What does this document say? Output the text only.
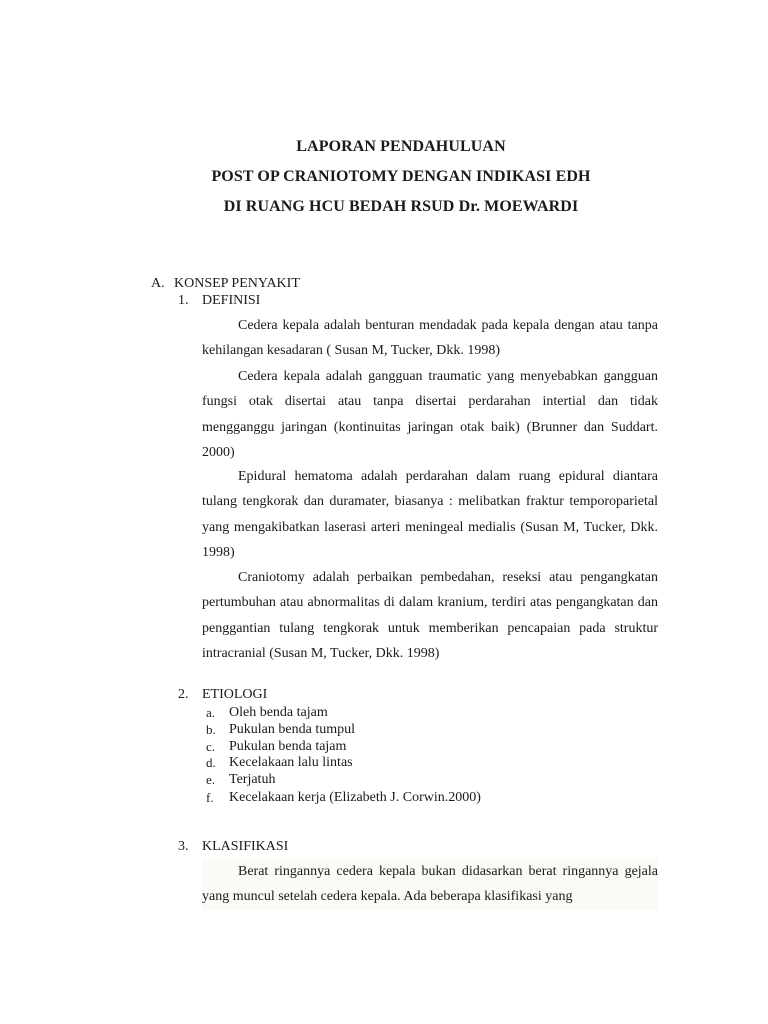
LAPORAN PENDAHULUAN
POST OP CRANIOTOMY DENGAN INDIKASI EDH
DI RUANG HCU BEDAH RSUD Dr. MOEWARDI
A. KONSEP PENYAKIT
1. DEFINISI

Cedera kepala adalah benturan mendadak pada kepala dengan atau tanpa kehilangan kesadaran ( Susan M, Tucker, Dkk. 1998)

Cedera kepala adalah gangguan traumatic yang menyebabkan gangguan fungsi otak disertai atau tanpa disertai perdarahan intertial dan tidak mengganggu jaringan (kontinuitas jaringan otak baik) (Brunner dan Suddart. 2000)

Epidural hematoma adalah perdarahan dalam ruang epidural diantara tulang tengkorak dan duramater, biasanya : melibatkan fraktur temporoparietal yang mengakibatkan laserasi arteri meningeal medialis (Susan M, Tucker, Dkk. 1998)

Craniotomy adalah perbaikan pembedahan, reseksi atau pengangkatan pertumbuhan atau abnormalitas di dalam kranium, terdiri atas pengangkatan dan penggantian tulang tengkorak untuk memberikan pencapaian pada struktur intracranial (Susan M, Tucker, Dkk. 1998)

2. ETIOLOGI
a. Oleh benda tajam
b. Pukulan benda tumpul
c. Pukulan benda tajam
d. Kecelakaan lalu lintas
e. Terjatuh
f. Kecelakaan kerja (Elizabeth J. Corwin.2000)
3. KLASIFIKASI

Berat ringannya cedera kepala bukan didasarkan berat ringannya gejala yang muncul setelah cedera kepala. Ada beberapa klasifikasi yang
